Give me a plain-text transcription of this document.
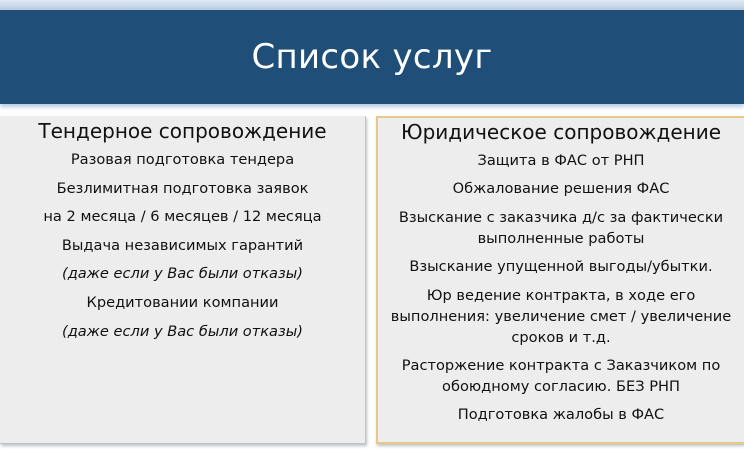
Список услуг
Тендерное сопровождение
Разовая подготовка тендера
Безлимитная подготовка заявок
на 2 месяца / 6 месяцев / 12 месяца
Выдача независимых гарантий
(даже если у Вас были отказы)
Кредитовании компании
(даже если у Вас были отказы)
Юридическое сопровождение
Защита в ФАС от РНП
Обжалование решения ФАС
Взыскание с заказчика д/с за фактически выполненные работы
Взыскание упущенной выгоды/убытки.
Юр ведение контракта, в ходе его выполнения: увеличение смет / увеличение сроков и т.д.
Расторжение контракта с Заказчиком по обоюдному согласию. БЕЗ РНП
Подготовка жалобы в ФАС
